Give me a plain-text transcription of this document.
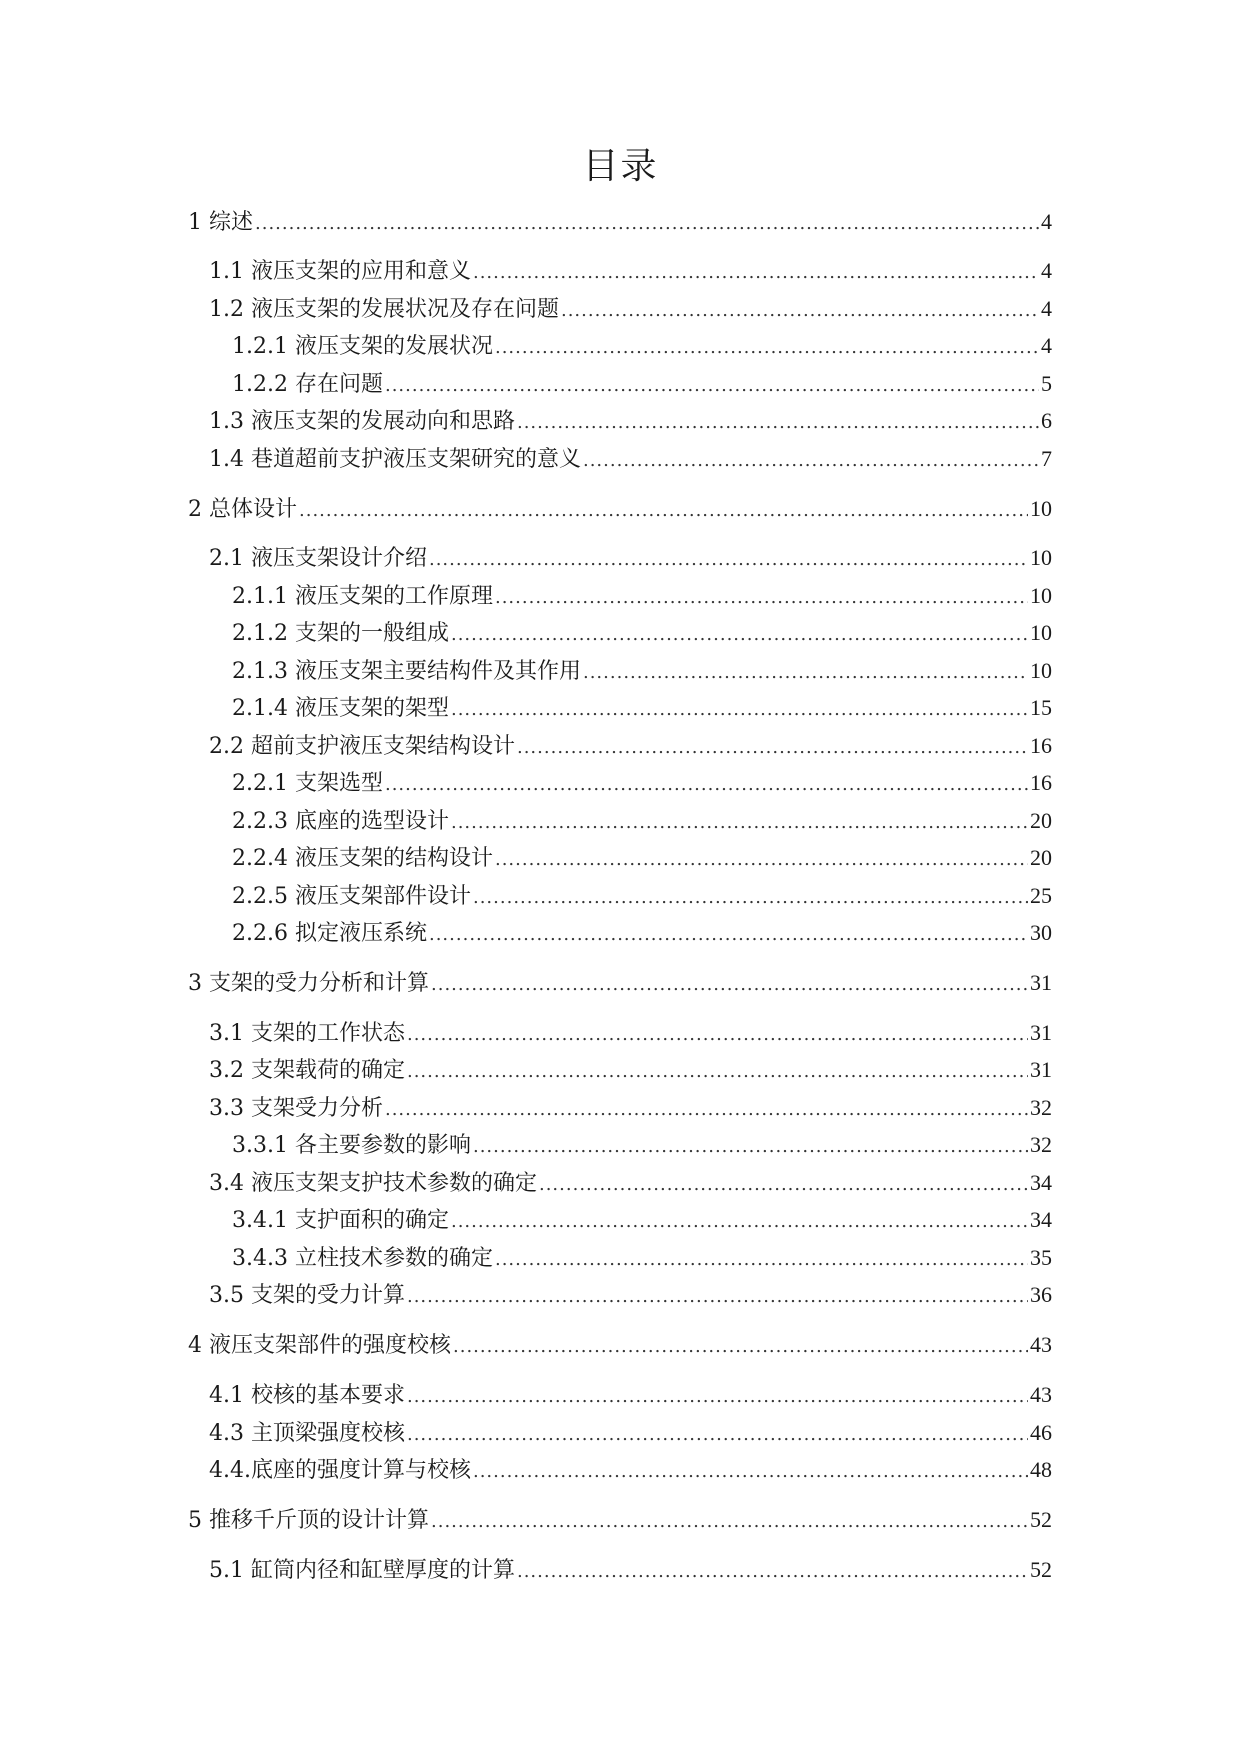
目录
1 综述 .....	4
1.1 液压支架的应用和意义 .....	4
1.2 液压支架的发展状况及存在问题 .....	4
1.2.1 液压支架的发展状况 .....	4
1.2.2 存在问题 .....	5
1.3 液压支架的发展动向和思路 .....	6
1.4 巷道超前支护液压支架研究的意义 .....	7
2 总体设计 .....	10
2.1 液压支架设计介绍 .....	10
2.1.1 液压支架的工作原理 .....	10
2.1.2 支架的一般组成 .....	10
2.1.3 液压支架主要结构件及其作用 .....	10
2.1.4 液压支架的架型 .....	15
2.2 超前支护液压支架结构设计 .....	16
2.2.1 支架选型 .....	16
2.2.3 底座的选型设计 .....	20
2.2.4 液压支架的结构设计 .....	20
2.2.5 液压支架部件设计 .....	25
2.2.6 拟定液压系统 .....	30
3 支架的受力分析和计算 .....	31
3.1 支架的工作状态 .....	31
3.2 支架载荷的确定 .....	31
3.3 支架受力分析 .....	32
3.3.1 各主要参数的影响 .....	32
3.4 液压支架支护技术参数的确定 .....	34
3.4.1 支护面积的确定 .....	34
3.4.3 立柱技术参数的确定 .....	35
3.5 支架的受力计算 .....	36
4 液压支架部件的强度校核 .....	43
4.1 校核的基本要求 .....	43
4.3 主顶梁强度校核 .....	46
4.4.底座的强度计算与校核 .....	48
5 推移千斤顶的设计计算 .....	52
5.1 缸筒内径和缸壁厚度的计算 .....	52
